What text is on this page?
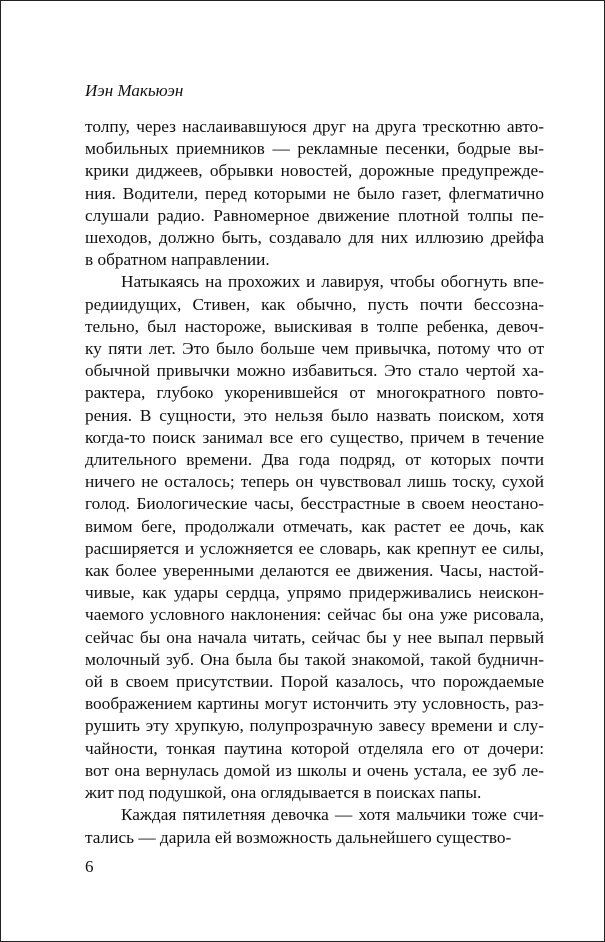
Иэн Макьюэн
толпу, через наслаивавшуюся друг на друга трескотню авто-
мобильных приемников — рекламные песенки, бодрые вы-
крики диджеев, обрывки новостей, дорожные предупрежде-
ния. Водители, перед которыми не было газет, флегматично
слушали радио. Равномерное движение плотной толпы пе-
шеходов, должно быть, создавало для них иллюзию дрейфа
в обратном направлении.
Натыкаясь на прохожих и лавируя, чтобы обогнуть впе-
редиидущих, Стивен, как обычно, пусть почти бессозна-
тельно, был настороже, выискивая в толпе ребенка, девоч-
ку пяти лет. Это было больше чем привычка, потому что от
обычной привычки можно избавиться. Это стало чертой ха-
рактера, глубоко укоренившейся от многократного повто-
рения. В сущности, это нельзя было назвать поиском, хотя
когда-то поиск занимал все его существо, причем в течение
длительного времени. Два года подряд, от которых почти
ничего не осталось; теперь он чувствовал лишь тоску, сухой
голод. Биологические часы, бесстрастные в своем неостано-
вимом беге, продолжали отмечать, как растет ее дочь, как
расширяется и усложняется ее словарь, как крепнут ее силы,
как более уверенными делаются ее движения. Часы, настой-
чивые, как удары сердца, упрямо придерживались неискон-
чаемого условного наклонения: сейчас бы она уже рисовала,
сейчас бы она начала читать, сейчас бы у нее выпал первый
молочный зуб. Она была бы такой знакомой, такой будничн-
ой в своем присутствии. Порой казалось, что порождаемые
воображением картины могут истончить эту условность, раз-
рушить эту хрупкую, полупрозрачную завесу времени и слу-
чайности, тонкая паутина которой отделяла его от дочери:
вот она вернулась домой из школы и очень устала, ее зуб ле-
жит под подушкой, она оглядывается в поисках папы.
Каждая пятилетняя девочка — хотя мальчики тоже счи-
тались — дарила ей возможность дальнейшего существо-
6
